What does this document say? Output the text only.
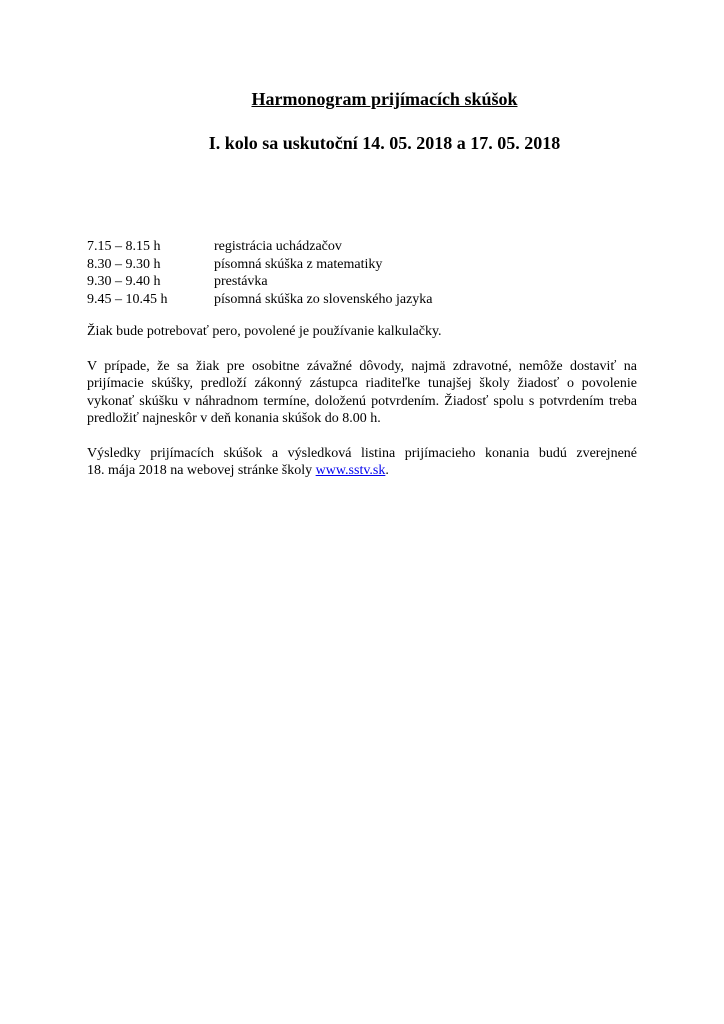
Harmonogram prijímacích skúšok
I. kolo sa uskutoční 14. 05. 2018 a 17. 05. 2018
7.15 – 8.15 h	registrácia uchádzačov
8.30 – 9.30 h	písomná skúška z matematiky
9.30 – 9.40 h	prestávka
9.45 – 10.45 h	písomná skúška zo slovenského jazyka
Žiak bude potrebovať pero, povolené je používanie kalkulačky.
V prípade, že sa žiak pre osobitne závažné dôvody, najmä zdravotné, nemôže dostaviť na
prijímacie skúšky, predloží zákonný zástupca riaditeľke tunajšej školy žiadosť o povolenie
vykonať skúšku v náhradnom termíne, doloženú potvrdením. Žiadosť spolu s potvrdením treba
predložiť najneskôr v deň konania skúšok do 8.00 h.
Výsledky prijímacích skúšok a výsledková listina prijímacieho konania budú zverejnené
18. mája 2018 na webovej stránke školy www.sstv.sk.
